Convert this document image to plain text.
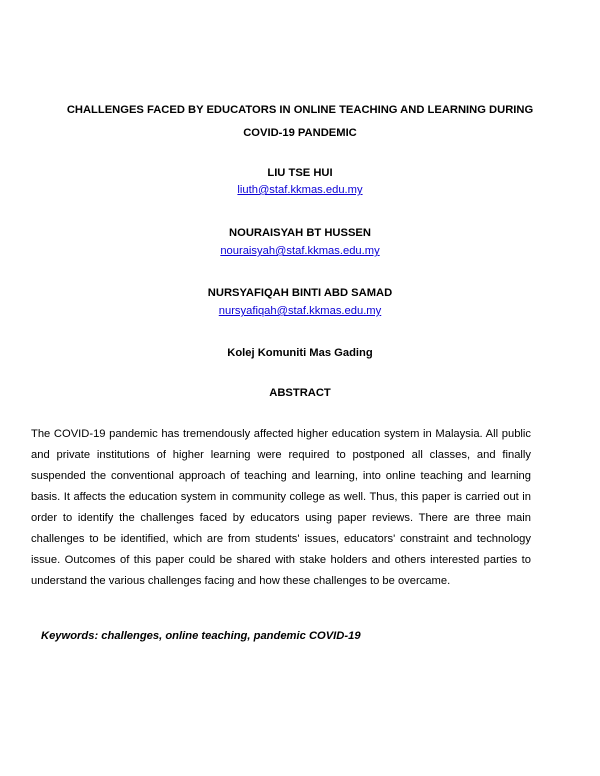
CHALLENGES FACED BY EDUCATORS IN ONLINE TEACHING AND LEARNING DURING
COVID-19 PANDEMIC
LIU TSE HUI
liuth@staf.kkmas.edu.my
NOURAISYAH BT HUSSEN
nouraisyah@staf.kkmas.edu.my
NURSYAFIQAH BINTI ABD SAMAD
nursyafiqah@staf.kkmas.edu.my
Kolej Komuniti Mas Gading
ABSTRACT

The COVID-19 pandemic has tremendously affected higher education system in Malaysia. All public and private institutions of higher learning were required to postponed all classes, and finally suspended the conventional approach of teaching and learning, into online teaching and learning basis. It affects the education system in community college as well. Thus, this paper is carried out in order to identify the challenges faced by educators using paper reviews. There are three main challenges to be identified, which are from students' issues, educators' constraint and technology issue. Outcomes of this paper could be shared with stake holders and others interested parties to understand the various challenges facing and how these challenges to be overcame.

Keywords: challenges, online teaching, pandemic COVID-19
